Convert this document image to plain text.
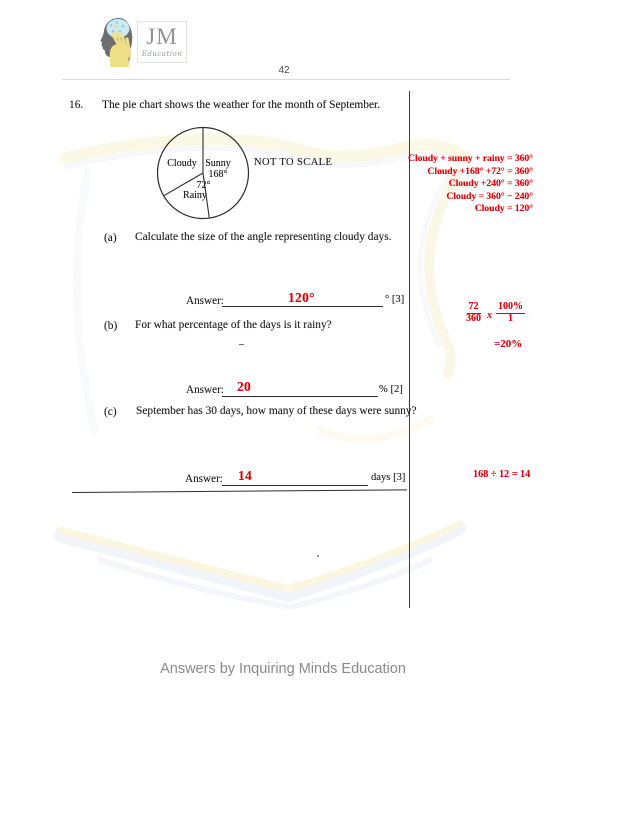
JM
Education
42
16. The pie chart shows the weather for the month of September.
Cloudy Sunny
168°
72°
Rainy
NOT TO SCALE
(a) Calculate the size of the angle representing cloudy days.
Answer:	120°	° [3]
(b) For what percentage of the days is it rainy?
Answer: 20	% [2]
(c) September has 30 days, how many of these days were sunny?
Answer: 14	days [3]
Cloudy + sunny + rainy = 360°
Cloudy +168° +72° = 360°
Cloudy +240° = 360°
Cloudy = 360° − 240°
Cloudy = 120°
$\frac{72}{360}$ x $\frac{100\%}{1}$
=20%
168 ÷ 12 = 14
Answers by Inquiring Minds Education
